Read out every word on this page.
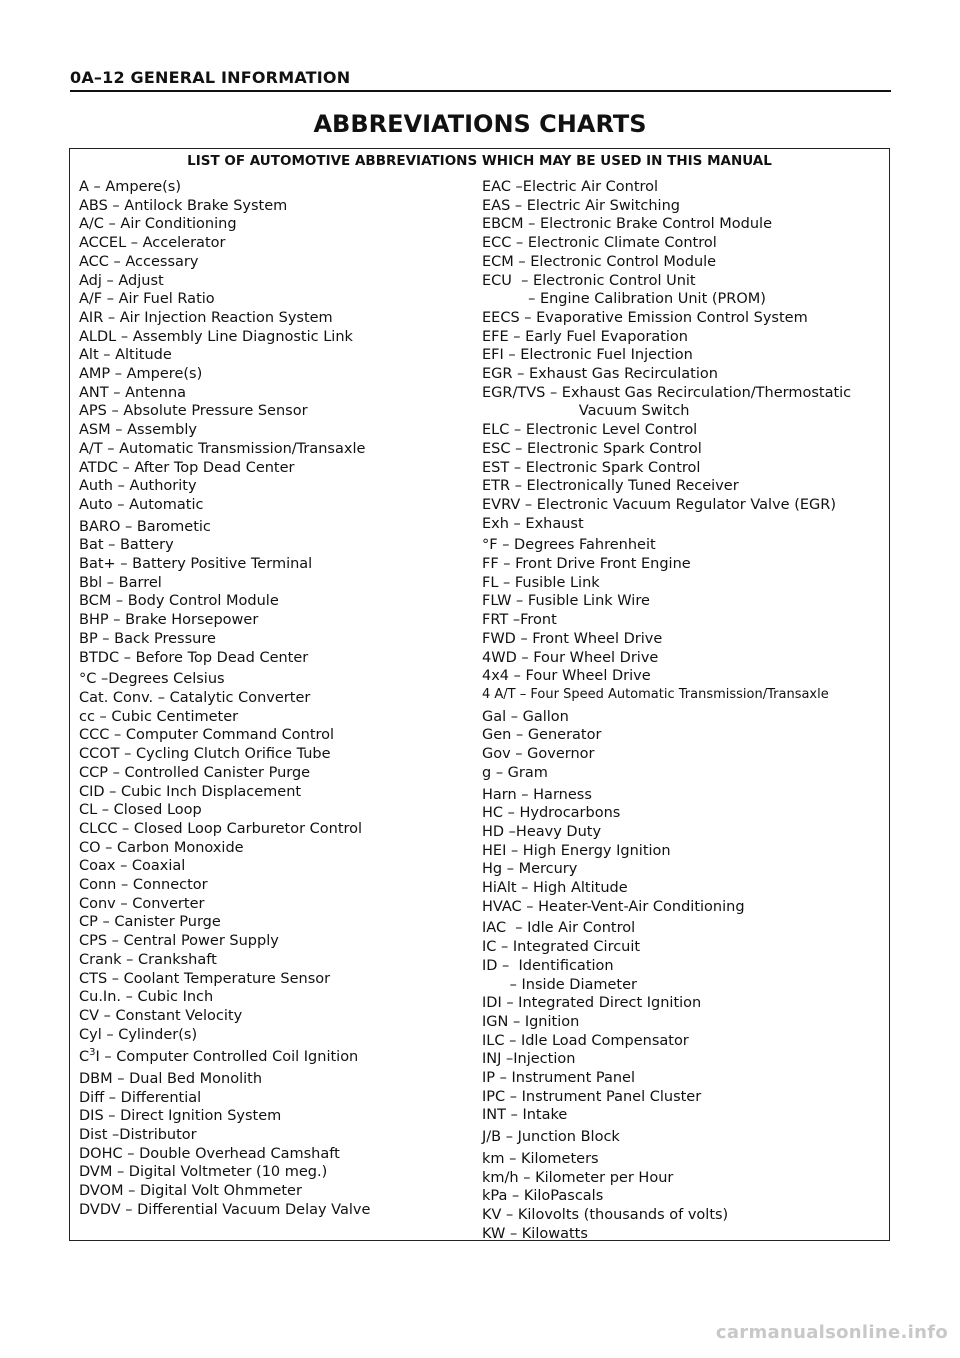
0A–12 GENERAL INFORMATION
ABBREVIATIONS CHARTS
LIST OF AUTOMOTIVE ABBREVIATIONS WHICH MAY BE USED IN THIS MANUAL
A – Ampere(s)
ABS – Antilock Brake System
A/C – Air Conditioning
ACCEL – Accelerator
ACC – Accessary
Adj – Adjust
A/F – Air Fuel Ratio
AIR – Air Injection Reaction System
ALDL – Assembly Line Diagnostic Link
Alt – Altitude
AMP – Ampere(s)
ANT – Antenna
APS – Absolute Pressure Sensor
ASM – Assembly
A/T – Automatic Transmission/Transaxle
ATDC – After Top Dead Center
Auth – Authority
Auto – Automatic
BARO – Barometic
Bat – Battery
Bat+ – Battery Positive Terminal
Bbl – Barrel
BCM – Body Control Module
BHP – Brake Horsepower
BP – Back Pressure
BTDC – Before Top Dead Center
°C –Degrees Celsius
Cat. Conv. – Catalytic Converter
cc – Cubic Centimeter
CCC – Computer Command Control
CCOT – Cycling Clutch Orifice Tube
CCP – Controlled Canister Purge
CID – Cubic Inch Displacement
CL – Closed Loop
CLCC – Closed Loop Carburetor Control
CO – Carbon Monoxide
Coax – Coaxial
Conn – Connector
Conv – Converter
CP – Canister Purge
CPS – Central Power Supply
Crank – Crankshaft
CTS – Coolant Temperature Sensor
Cu.In. – Cubic Inch
CV – Constant Velocity
Cyl – Cylinder(s)
$C^3I$ – Computer Controlled Coil Ignition
DBM – Dual Bed Monolith
Diff – Differential
DIS – Direct Ignition System
Dist –Distributor
DOHC – Double Overhead Camshaft
DVM – Digital Voltmeter (10 meg.)
DVOM – Digital Volt Ohmmeter
DVDV – Differential Vacuum Delay Valve
EAC –Electric Air Control
EAS – Electric Air Switching
EBCM – Electronic Brake Control Module
ECC – Electronic Climate Control
ECM – Electronic Control Module
ECU  – Electronic Control Unit
– Engine Calibration Unit (PROM)
EECS – Evaporative Emission Control System
EFE – Early Fuel Evaporation
EFI – Electronic Fuel Injection
EGR – Exhaust Gas Recirculation
EGR/TVS – Exhaust Gas Recirculation/Thermostatic
Vacuum Switch
ELC – Electronic Level Control
ESC – Electronic Spark Control
EST – Electronic Spark Control
ETR – Electronically Tuned Receiver
EVRV – Electronic Vacuum Regulator Valve (EGR)
Exh – Exhaust
°F – Degrees Fahrenheit
FF – Front Drive Front Engine
FL – Fusible Link
FLW – Fusible Link Wire
FRT –Front
FWD – Front Wheel Drive
4WD – Four Wheel Drive
4x4 – Four Wheel Drive
4 A/T – Four Speed Automatic Transmission/Transaxle
Gal – Gallon
Gen – Generator
Gov – Governor
g – Gram
Harn – Harness
HC – Hydrocarbons
HD –Heavy Duty
HEI – High Energy Ignition
Hg – Mercury
HiAlt – High Altitude
HVAC – Heater-Vent-Air Conditioning
IAC  – Idle Air Control
IC – Integrated Circuit
ID –  Identification
– Inside Diameter
IDI – Integrated Direct Ignition
IGN – Ignition
ILC – Idle Load Compensator
INJ –Injection
IP – Instrument Panel
IPC – Instrument Panel Cluster
INT – Intake
J/B – Junction Block
km – Kilometers
km/h – Kilometer per Hour
kPa – KiloPascals
KV – Kilovolts (thousands of volts)
KW – Kilowatts
carmanualsonline.info
